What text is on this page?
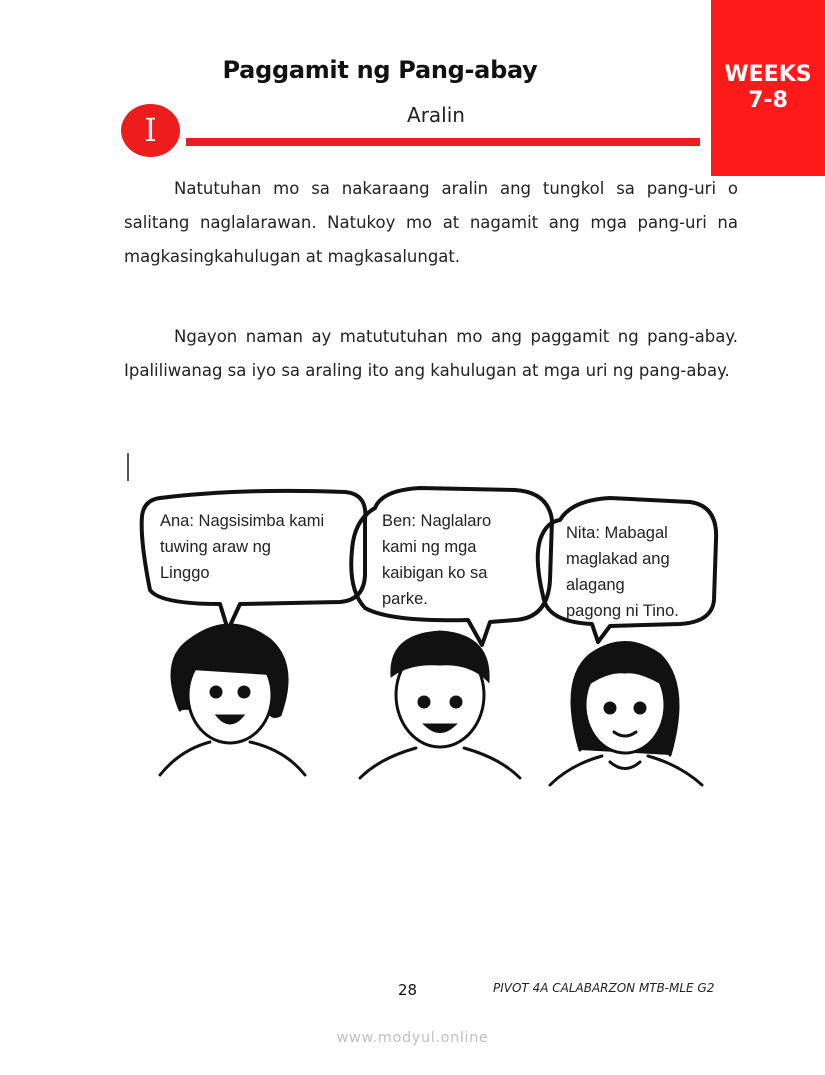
Paggamit ng Pang-abay	WEEKS
7-8
I	Aralin

Natutuhan mo sa nakaraang aralin ang tungkol sa pang-uri o salitang naglalarawan. Natukoy mo at nagamit ang mga pang-uri na magkasingkahulugan at magkasalungat.

Ngayon naman ay matututuhan mo ang paggamit ng pang-abay. Ipaliliwanag sa iyo sa araling ito ang kahulugan at mga uri ng pang-abay.

Ana: Nagsisimba kami tuwing araw ng Linggo
Ben: Naglalaro kami ng mga kaibigan ko sa parke.
Nita: Mabagal maglakad ang alagang pagong ni Tino.
28	PIVOT 4A CALABARZON MTB-MLE G2
www.modyul.online
